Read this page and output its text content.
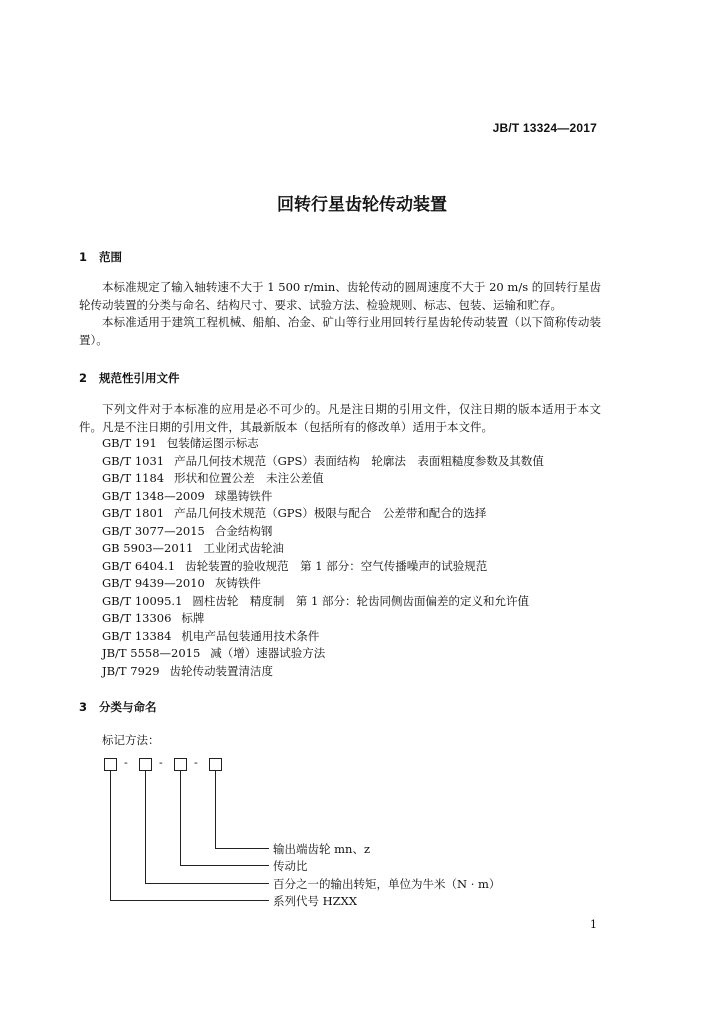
JB/T 13324—2017
回转行星齿轮传动装置
1 范围
本标准规定了输入轴转速不大于 1 500 r/min、齿轮传动的圆周速度不大于 20 m/s 的回转行星齿轮传动装置的分类与命名、结构尺寸、要求、试验方法、检验规则、标志、包装、运输和贮存。
本标准适用于建筑工程机械、船舶、冶金、矿山等行业用回转行星齿轮传动装置（以下简称传动装置）。
2 规范性引用文件
下列文件对于本标准的应用是必不可少的。凡是注日期的引用文件，仅注日期的版本适用于本文件。凡是不注日期的引用文件，其最新版本（包括所有的修改单）适用于本文件。
GB/T 191 包装储运图示标志
GB/T 1031 产品几何技术规范（GPS）表面结构　轮廓法　表面粗糙度参数及其数值
GB/T 1184 形状和位置公差　未注公差值
GB/T 1348—2009 球墨铸铁件
GB/T 1801 产品几何技术规范（GPS）极限与配合　公差带和配合的选择
GB/T 3077—2015 合金结构钢
GB 5903—2011 工业闭式齿轮油
GB/T 6404.1 齿轮装置的验收规范　第 1 部分：空气传播噪声的试验规范
GB/T 9439—2010 灰铸铁件
GB/T 10095.1 圆柱齿轮　精度制　第 1 部分：轮齿同侧齿面偏差的定义和允许值
GB/T 13306 标牌
GB/T 13384 机电产品包装通用技术条件
JB/T 5558—2015 减（增）速器试验方法
JB/T 7929 齿轮传动装置清洁度
3 分类与命名
标记方法：
-	-	-
输出端齿轮 mn、z
传动比
百分之一的输出转矩，单位为牛米（N · m）
系列代号 HZXX
1
